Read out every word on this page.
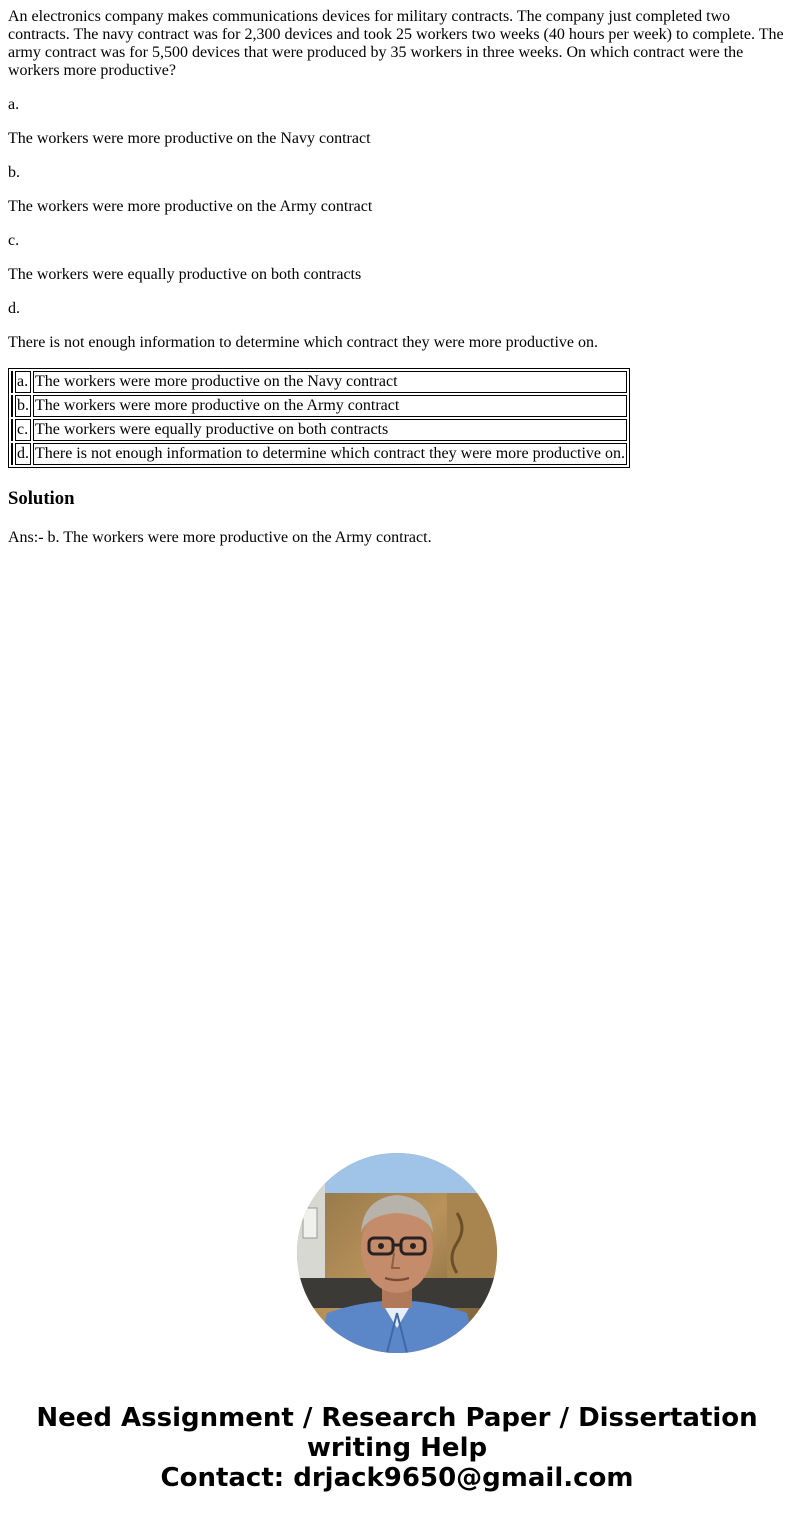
An electronics company makes communications devices for military contracts. The company just completed two contracts. The navy contract was for 2,300 devices and took 25 workers two weeks (40 hours per week) to complete. The army contract was for 5,500 devices that were produced by 35 workers in three weeks. On which contract were the workers more productive?

a.

The workers were more productive on the Navy contract

b.

The workers were more productive on the Army contract

c.

The workers were equally productive on both contracts

d.

There is not enough information to determine which contract they were more productive on.

	a.	The workers were more productive on the Navy contract
	b.	The workers were more productive on the Army contract
	c.	The workers were equally productive on both contracts
	d.	There is not enough information to determine which contract they were more productive on.
Solution

Ans:- b. The workers were more productive on the Army contract.

Need Assignment / Research Paper / Dissertation
writing Help
Contact: drjack9650@gmail.com
